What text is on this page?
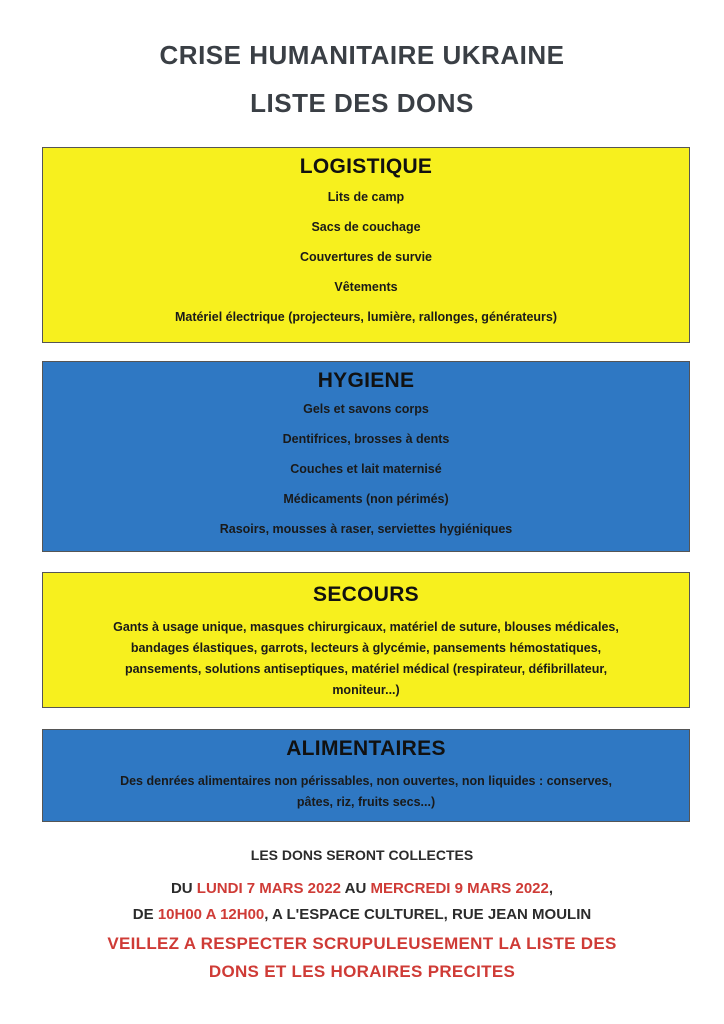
CRISE HUMANITAIRE UKRAINE
LISTE DES DONS
LOGISTIQUE
Lits de camp
Sacs de couchage
Couvertures de survie
Vêtements
Matériel électrique (projecteurs, lumière, rallonges, générateurs)
HYGIENE
Gels et savons corps
Dentifrices, brosses à dents
Couches et lait maternisé
Médicaments (non périmés)
Rasoirs, mousses à raser, serviettes hygiéniques
SECOURS
Gants à usage unique, masques chirurgicaux, matériel de suture, blouses médicales,
bandages élastiques, garrots, lecteurs à glycémie, pansements hémostatiques,
pansements, solutions antiseptiques, matériel médical (respirateur, défibrillateur,
moniteur...)
ALIMENTAIRES
Des denrées alimentaires non périssables, non ouvertes, non liquides : conserves,
pâtes, riz, fruits secs...)
LES DONS SERONT COLLECTES
DU LUNDI 7 MARS 2022 AU MERCREDI 9 MARS 2022,
DE 10H00 A 12H00, A L'ESPACE CULTUREL, RUE JEAN MOULIN
VEILLEZ A RESPECTER SCRUPULEUSEMENT LA LISTE DES
DONS ET LES HORAIRES PRECITES
